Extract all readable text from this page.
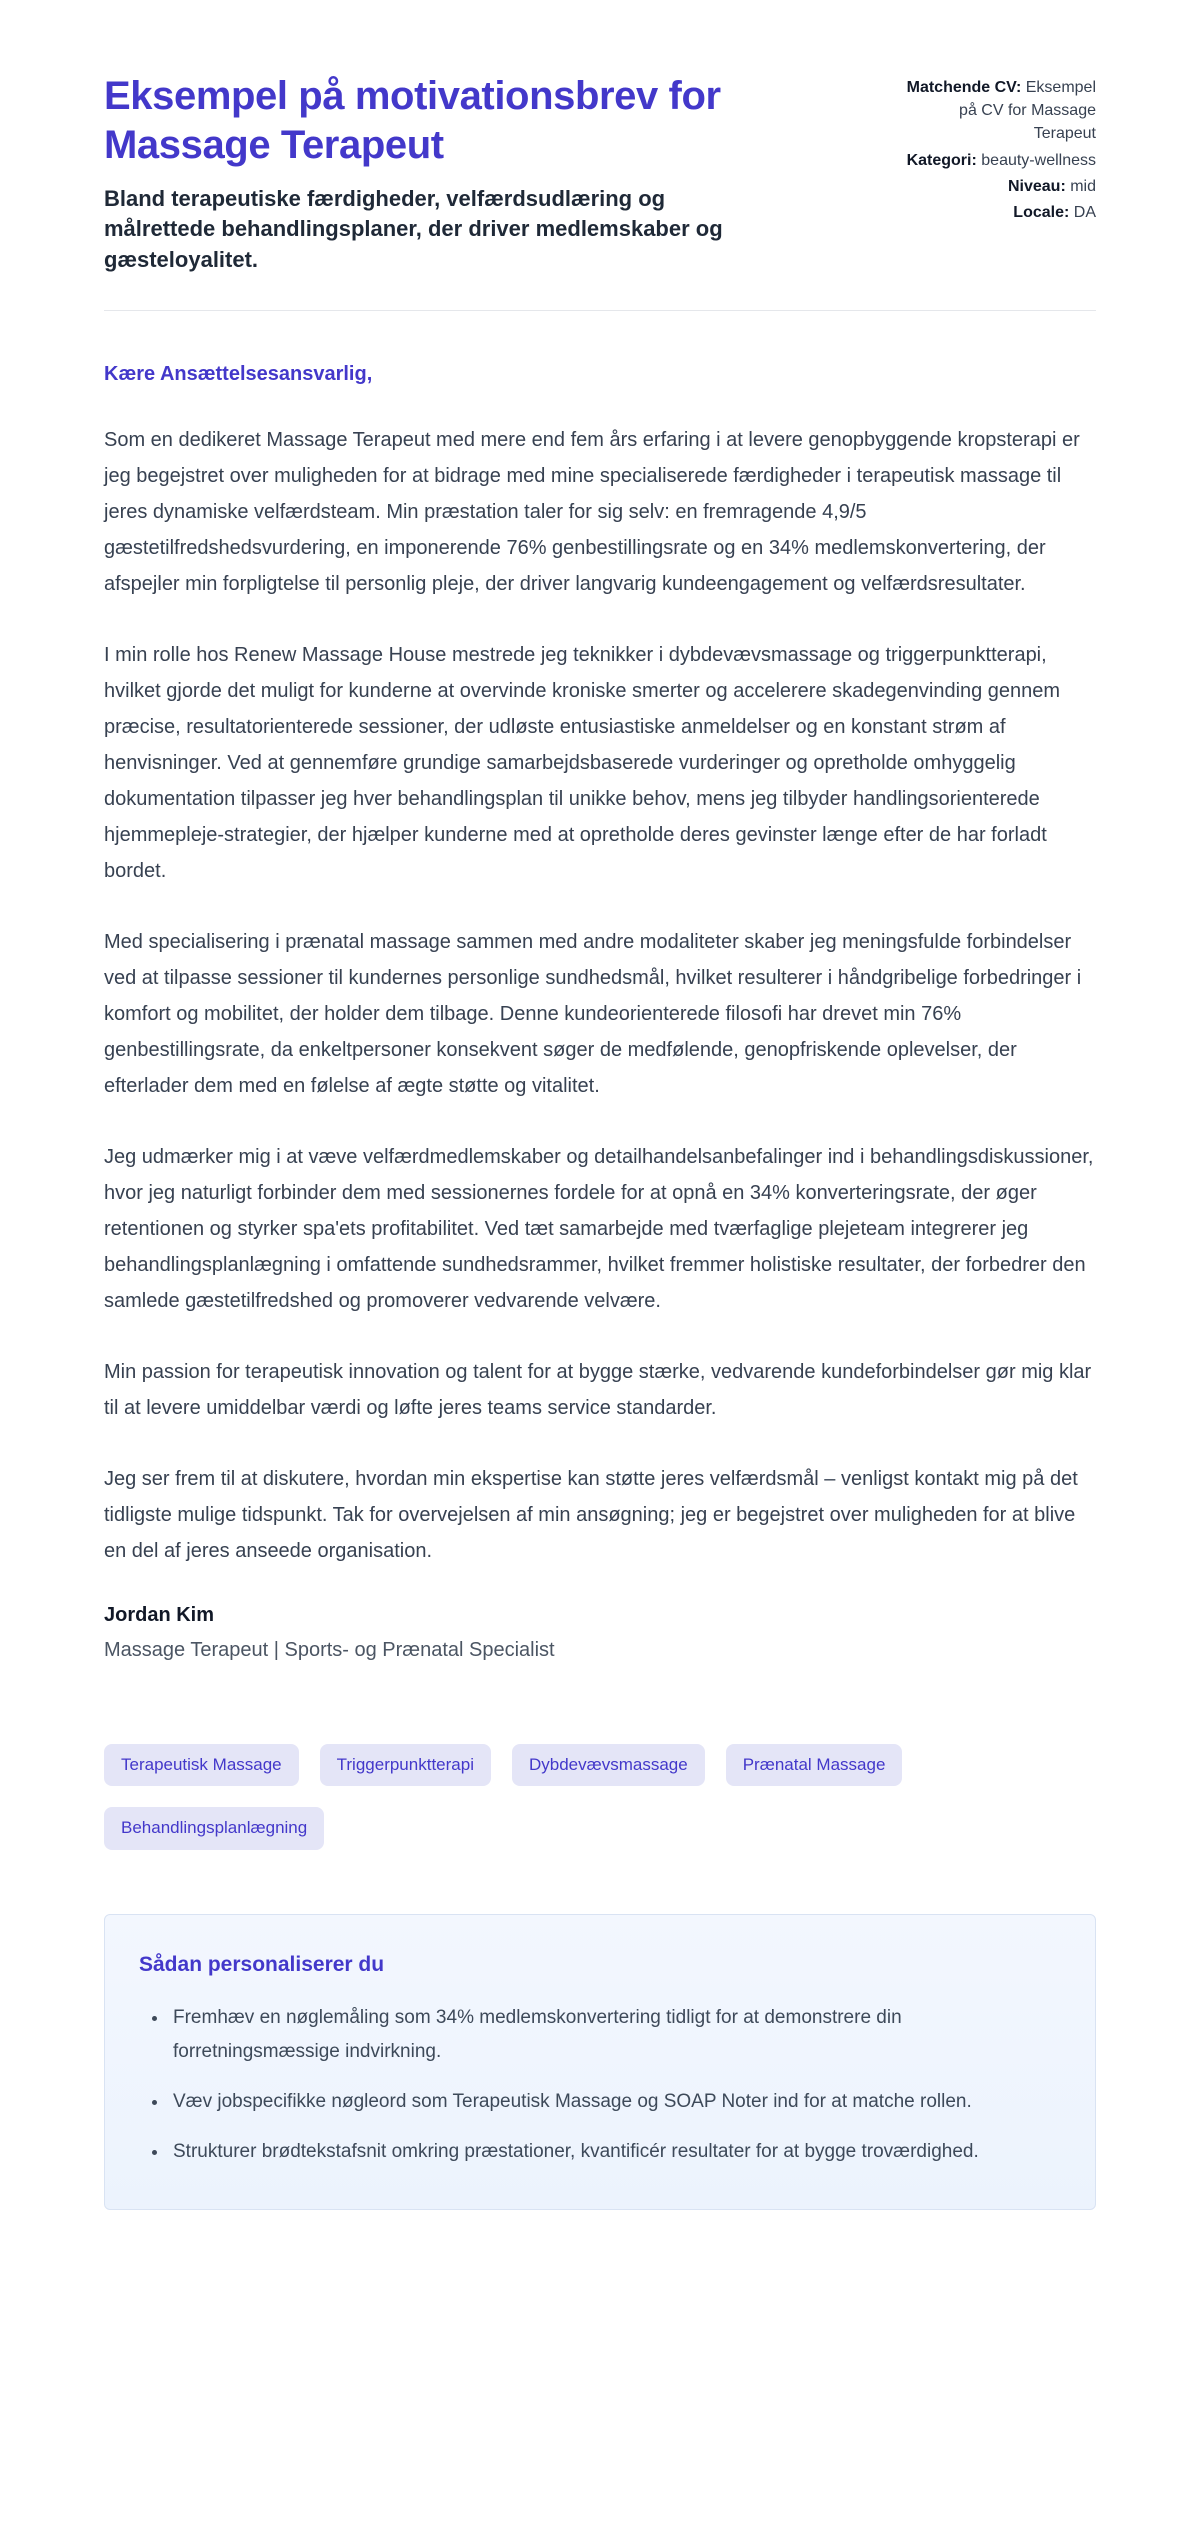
Eksempel på motivationsbrev for Massage Terapeut
Bland terapeutiske færdigheder, velfærdsudlæring og målrettede behandlingsplaner, der driver medlemskaber og gæsteloyalitet.
Matchende CV: Eksempel på CV for Massage Terapeut
Kategori: beauty-wellness
Niveau: mid
Locale: DA

Kære Ansættelsesansvarlig,

Som en dedikeret Massage Terapeut med mere end fem års erfaring i at levere genopbyggende kropsterapi er jeg begejstret over muligheden for at bidrage med mine specialiserede færdigheder i terapeutisk massage til jeres dynamiske velfærdsteam. Min præstation taler for sig selv: en fremragende 4,9/5 gæstetilfredshedsvurdering, en imponerende 76% genbestillingsrate og en 34% medlemskonvertering, der afspejler min forpligtelse til personlig pleje, der driver langvarig kundeengagement og velfærdsresultater.

I min rolle hos Renew Massage House mestrede jeg teknikker i dybdevævsmassage og triggerpunktterapi, hvilket gjorde det muligt for kunderne at overvinde kroniske smerter og accelerere skadegenvinding gennem præcise, resultatorienterede sessioner, der udløste entusiastiske anmeldelser og en konstant strøm af henvisninger. Ved at gennemføre grundige samarbejdsbaserede vurderinger og opretholde omhyggelig dokumentation tilpasser jeg hver behandlingsplan til unikke behov, mens jeg tilbyder handlingsorienterede hjemmepleje-strategier, der hjælper kunderne med at opretholde deres gevinster længe efter de har forladt bordet.

Med specialisering i prænatal massage sammen med andre modaliteter skaber jeg meningsfulde forbindelser ved at tilpasse sessioner til kundernes personlige sundhedsmål, hvilket resulterer i håndgribelige forbedringer i komfort og mobilitet, der holder dem tilbage. Denne kundeorienterede filosofi har drevet min 76% genbestillingsrate, da enkeltpersoner konsekvent søger de medfølende, genopfriskende oplevelser, der efterlader dem med en følelse af ægte støtte og vitalitet.

Jeg udmærker mig i at væve velfærdmedlemskaber og detailhandelsanbefalinger ind i behandlingsdiskussioner, hvor jeg naturligt forbinder dem med sessionernes fordele for at opnå en 34% konverteringsrate, der øger retentionen og styrker spa'ets profitabilitet. Ved tæt samarbejde med tværfaglige plejeteam integrerer jeg behandlingsplanlægning i omfattende sundhedsrammer, hvilket fremmer holistiske resultater, der forbedrer den samlede gæstetilfredshed og promoverer vedvarende velvære.

Min passion for terapeutisk innovation og talent for at bygge stærke, vedvarende kundeforbindelser gør mig klar til at levere umiddelbar værdi og løfte jeres teams service standarder.

Jeg ser frem til at diskutere, hvordan min ekspertise kan støtte jeres velfærdsmål – venligst kontakt mig på det tidligste mulige tidspunkt. Tak for overvejelsen af min ansøgning; jeg er begejstret over muligheden for at blive en del af jeres anseede organisation.

Jordan Kim
Massage Terapeut | Sports- og Prænatal Specialist
Terapeutisk Massage	Triggerpunktterapi	Dybdevævsmassage	Prænatal Massage
Behandlingsplanlægning
Sådan personaliserer du
• Fremhæv en nøglemåling som 34% medlemskonvertering tidligt for at demonstrere din forretningsmæssige indvirkning.
• Væv jobspecifikke nøgleord som Terapeutisk Massage og SOAP Noter ind for at matche rollen.
• Strukturer brødtekstafsnit omkring præstationer, kvantificér resultater for at bygge troværdighed.
